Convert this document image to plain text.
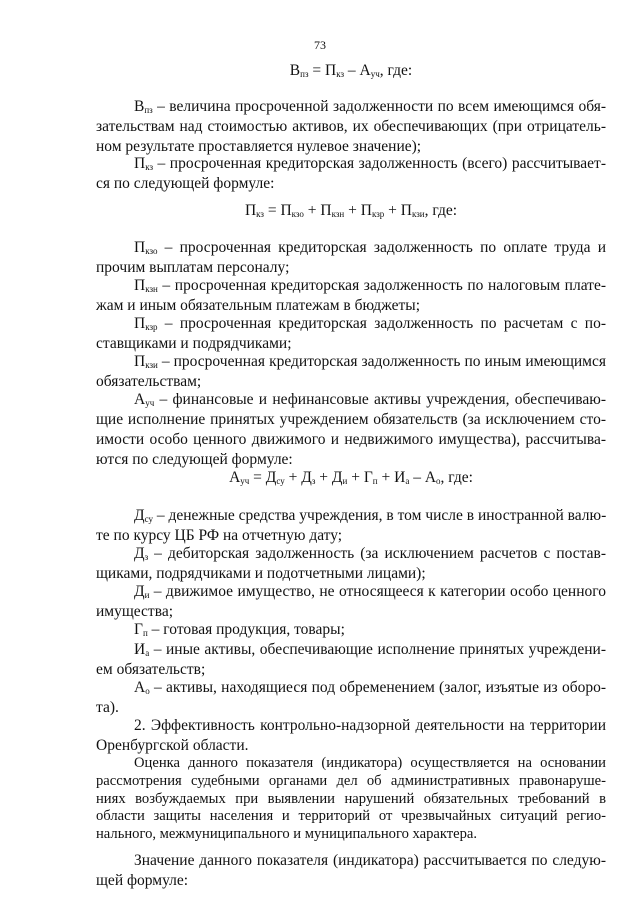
73
$В_{пз} = П_{кз} - А_{уч}$, где:
$В_{пз}$ – величина просроченной задолженности по всем имеющимся обя-
зательствам над стоимостью активов, их обеспечивающих (при отрицатель-
ном результате проставляется нулевое значение);
$П_{кз}$ – просроченная кредиторская задолженность (всего) рассчитывает-
ся по следующей формуле:
$П_{кз} = П_{кзо} + П_{кзн} + П_{кзр} + П_{кзи}$, где:
$П_{кзо}$ – просроченная кредиторская задолженность по оплате труда и
прочим выплатам персоналу;
$П_{кзн}$ – просроченная кредиторская задолженность по налоговым плате-
жам и иным обязательным платежам в бюджеты;
$П_{кзр}$ – просроченная кредиторская задолженность по расчетам с по-
ставщиками и подрядчиками;
$П_{кзи}$ – просроченная кредиторская задолженность по иным имеющимся
обязательствам;
$А_{уч}$ – финансовые и нефинансовые активы учреждения, обеспечиваю-
щие исполнение принятых учреждением обязательств (за исключением сто-
имости особо ценного движимого и недвижимого имущества), рассчитыва-
ются по следующей формуле:
$А_{уч} = Д_{су} + Д_з + Д_и + Г_п + И_а - А_о$, где:
$Д_{су}$ – денежные средства учреждения, в том числе в иностранной валю-
те по курсу ЦБ РФ на отчетную дату;
$Д_з$ – дебиторская задолженность (за исключением расчетов с постав-
щиками, подрядчиками и подотчетными лицами);
$Д_и$ – движимое имущество, не относящееся к категории особо ценного
имущества;
$Г_п$ – готовая продукция, товары;
$И_а$ – иные активы, обеспечивающие исполнение принятых учреждени-
ем обязательств;
$А_о$ – активы, находящиеся под обременением (залог, изъятые из оборо-
та).
2. Эффективность контрольно-надзорной деятельности на территории
Оренбургской области.
Оценка данного показателя (индикатора) осуществляется на основании
рассмотрения судебными органами дел об административных правонаруше-
ниях возбуждаемых при выявлении нарушений обязательных требований в
области защиты населения и территорий от чрезвычайных ситуаций регио-
нального, межмуниципального и муниципального характера.
Значение данного показателя (индикатора) рассчитывается по следую-
щей формуле:
